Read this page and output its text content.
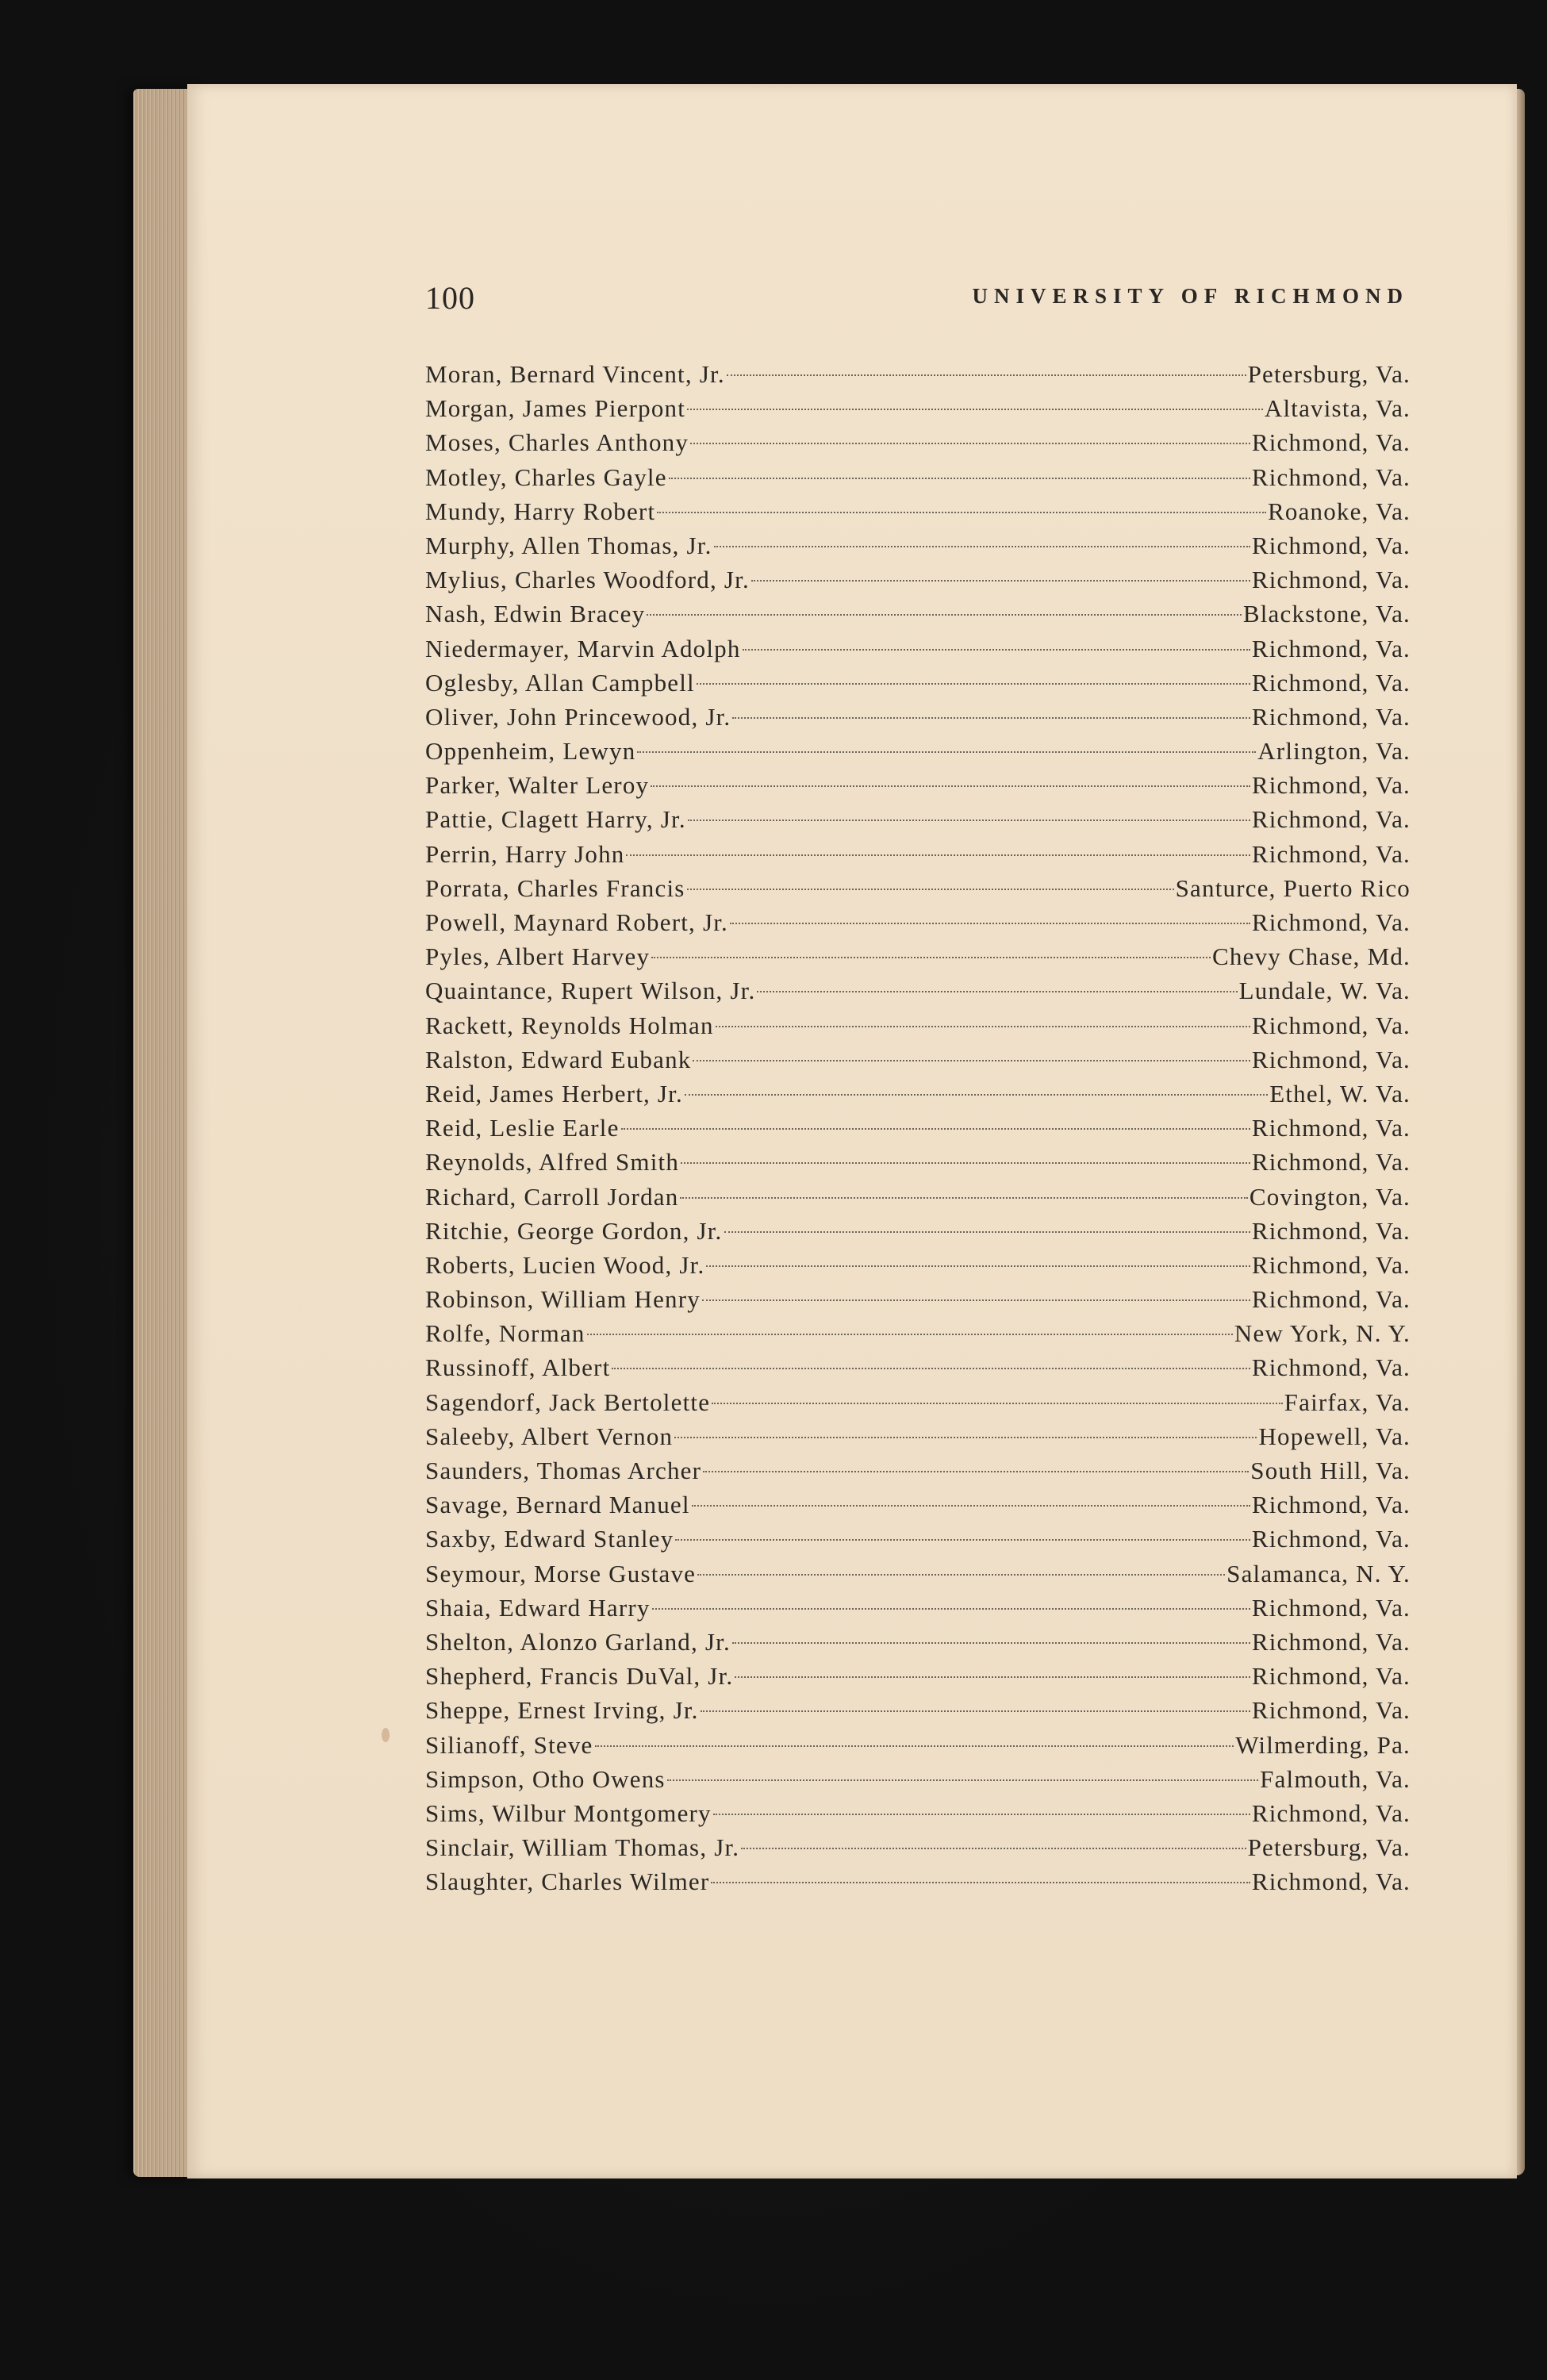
100	UNIVERSITY OF RICHMOND
Moran, Bernard Vincent, Jr.	Petersburg, Va.
Morgan, James Pierpont	Altavista, Va.
Moses, Charles Anthony	Richmond, Va.
Motley, Charles Gayle	Richmond, Va.
Mundy, Harry Robert	Roanoke, Va.
Murphy, Allen Thomas, Jr.	Richmond, Va.
Mylius, Charles Woodford, Jr.	Richmond, Va.
Nash, Edwin Bracey	Blackstone, Va.
Niedermayer, Marvin Adolph	Richmond, Va.
Oglesby, Allan Campbell	Richmond, Va.
Oliver, John Princewood, Jr.	Richmond, Va.
Oppenheim, Lewyn	Arlington, Va.
Parker, Walter Leroy	Richmond, Va.
Pattie, Clagett Harry, Jr.	Richmond, Va.
Perrin, Harry John	Richmond, Va.
Porrata, Charles Francis	Santurce, Puerto Rico
Powell, Maynard Robert, Jr.	Richmond, Va.
Pyles, Albert Harvey	Chevy Chase, Md.
Quaintance, Rupert Wilson, Jr.	Lundale, W. Va.
Rackett, Reynolds Holman	Richmond, Va.
Ralston, Edward Eubank	Richmond, Va.
Reid, James Herbert, Jr.	Ethel, W. Va.
Reid, Leslie Earle	Richmond, Va.
Reynolds, Alfred Smith	Richmond, Va.
Richard, Carroll Jordan	Covington, Va.
Ritchie, George Gordon, Jr.	Richmond, Va.
Roberts, Lucien Wood, Jr.	Richmond, Va.
Robinson, William Henry	Richmond, Va.
Rolfe, Norman	New York, N. Y.
Russinoff, Albert	Richmond, Va.
Sagendorf, Jack Bertolette	Fairfax, Va.
Saleeby, Albert Vernon	Hopewell, Va.
Saunders, Thomas Archer	South Hill, Va.
Savage, Bernard Manuel	Richmond, Va.
Saxby, Edward Stanley	Richmond, Va.
Seymour, Morse Gustave	Salamanca, N. Y.
Shaia, Edward Harry	Richmond, Va.
Shelton, Alonzo Garland, Jr.	Richmond, Va.
Shepherd, Francis DuVal, Jr.	Richmond, Va.
Sheppe, Ernest Irving, Jr.	Richmond, Va.
Silianoff, Steve	Wilmerding, Pa.
Simpson, Otho Owens	Falmouth, Va.
Sims, Wilbur Montgomery	Richmond, Va.
Sinclair, William Thomas, Jr.	Petersburg, Va.
Slaughter, Charles Wilmer	Richmond, Va.
